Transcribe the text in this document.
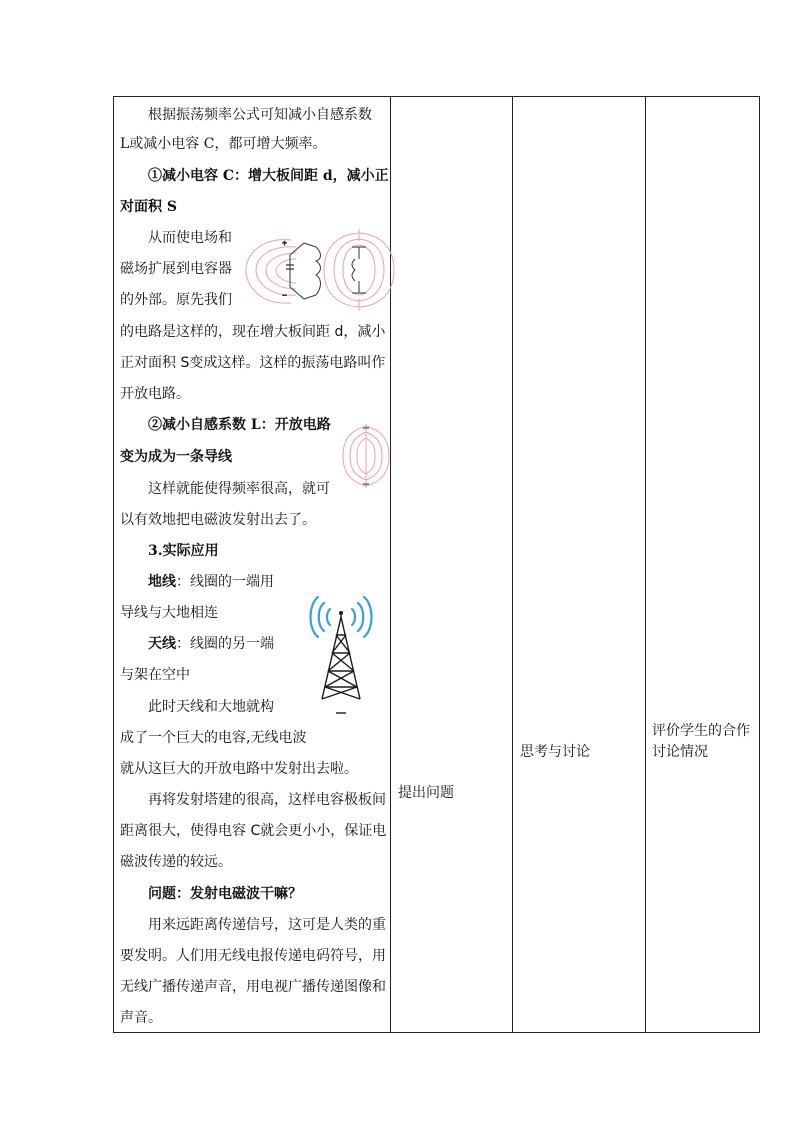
根据振荡频率公式可知减小自感系数
L或减小电容 C，都可增大频率。
①减小电容 C：增大板间距 d，减小正
对面积 S
从而使电场和
磁场扩展到电容器
的外部。原先我们
的电路是这样的，现在增大板间距 d，减小
正对面积 S变成这样。这样的振荡电路叫作
开放电路。
+
−
②减小自感系数 L：开放电路
变为成为一条导线
这样就能使得频率很高，就可
以有效地把电磁波发射出去了。
3.实际应用
地线：线圈的一端用
导线与大地相连
天线：线圈的另一端
与架在空中
此时天线和大地就构
成了一个巨大的电容,无线电波
就从这巨大的开放电路中发射出去啦。
再将发射塔建的很高，这样电容极板间
距离很大，使得电容 C就会更小小，保证电
磁波传递的较远。
问题：发射电磁波干嘛？
用来远距离传递信号，这可是人类的重
要发明。人们用无线电报传递电码符号，用
无线广播传递声音，用电视广播传递图像和
声音。
提出问题
思考与讨论
评价学生的合作
讨论情况
